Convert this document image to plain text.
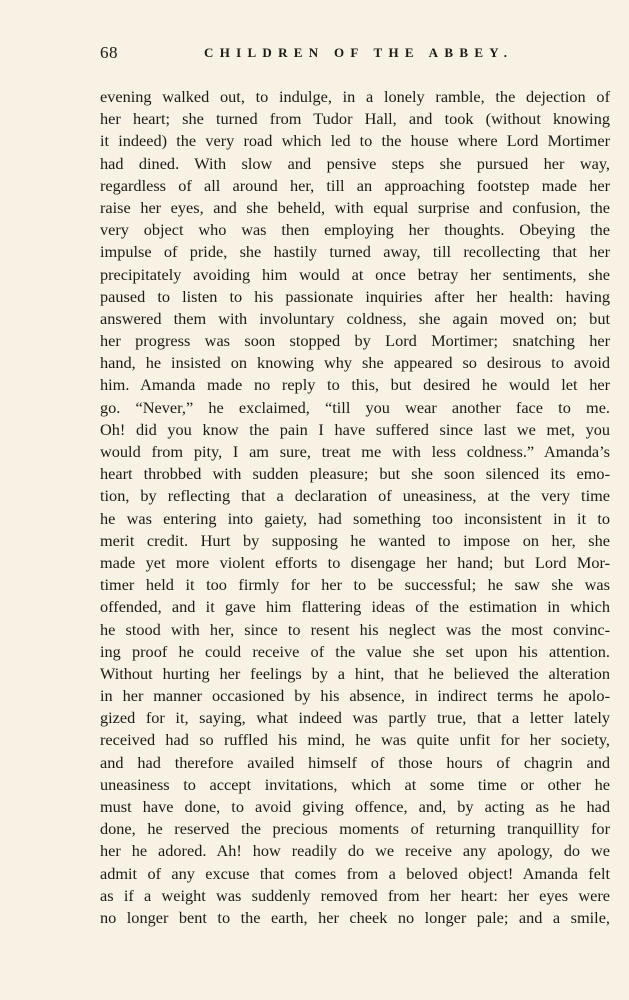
68	CHILDREN OF THE ABBEY.
evening walked out, to indulge, in a lonely ramble, the dejection of
her heart; she turned from Tudor Hall, and took (without knowing
it indeed) the very road which led to the house where Lord Mortimer
had dined. With slow and pensive steps she pursued her way,
regardless of all around her, till an approaching footstep made her
raise her eyes, and she beheld, with equal surprise and confusion, the
very object who was then employing her thoughts. Obeying the
impulse of pride, she hastily turned away, till recollecting that her
precipitately avoiding him would at once betray her sentiments, she
paused to listen to his passionate inquiries after her health: having
answered them with involuntary coldness, she again moved on; but
her progress was soon stopped by Lord Mortimer; snatching her
hand, he insisted on knowing why she appeared so desirous to avoid
him. Amanda made no reply to this, but desired he would let her
go. “Never,” he exclaimed, “till you wear another face to me.
Oh! did you know the pain I have suffered since last we met, you
would from pity, I am sure, treat me with less coldness.” Amanda’s
heart throbbed with sudden pleasure; but she soon silenced its emo-
tion, by reflecting that a declaration of uneasiness, at the very time
he was entering into gaiety, had something too inconsistent in it to
merit credit. Hurt by supposing he wanted to impose on her, she
made yet more violent efforts to disengage her hand; but Lord Mor-
timer held it too firmly for her to be successful; he saw she was
offended, and it gave him flattering ideas of the estimation in which
he stood with her, since to resent his neglect was the most convinc-
ing proof he could receive of the value she set upon his attention.
Without hurting her feelings by a hint, that he believed the alteration
in her manner occasioned by his absence, in indirect terms he apolo-
gized for it, saying, what indeed was partly true, that a letter lately
received had so ruffled his mind, he was quite unfit for her society,
and had therefore availed himself of those hours of chagrin and
uneasiness to accept invitations, which at some time or other he
must have done, to avoid giving offence, and, by acting as he had
done, he reserved the precious moments of returning tranquillity for
her he adored. Ah! how readily do we receive any apology, do we
admit of any excuse that comes from a beloved object! Amanda felt
as if a weight was suddenly removed from her heart: her eyes were
no longer bent to the earth, her cheek no longer pale; and a smile,
